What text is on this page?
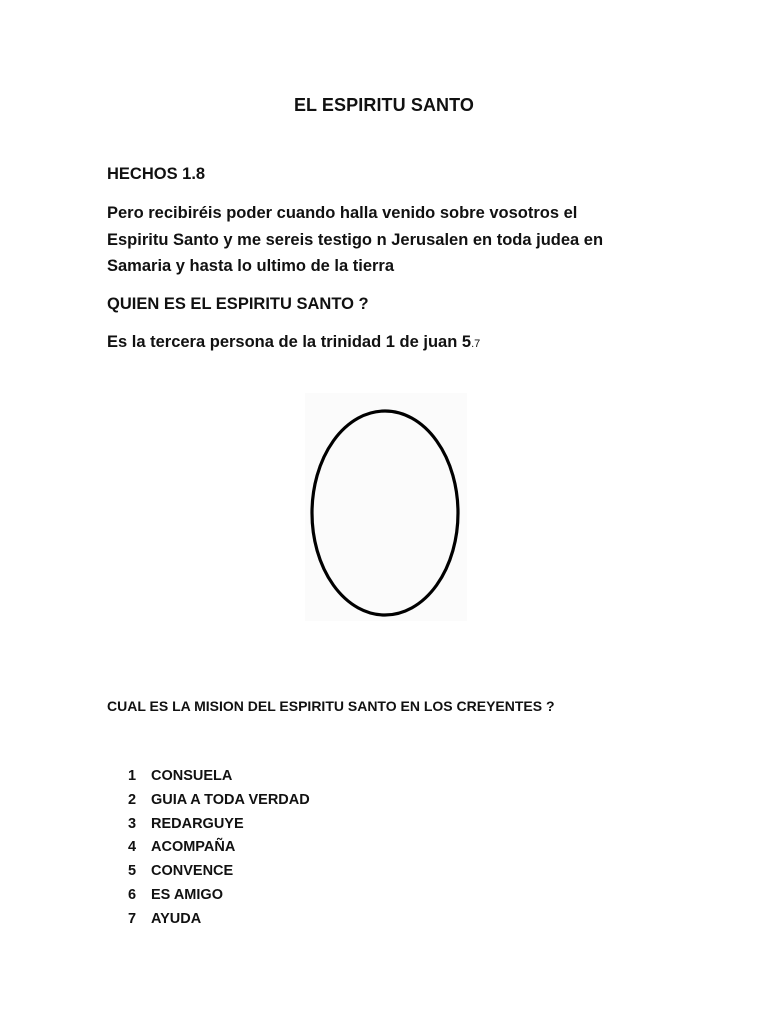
EL ESPIRITU SANTO
HECHOS 1.8
Pero recibiréis poder cuando halla venido sobre vosotros el
Espiritu Santo y me sereis testigo n Jerusalen en toda judea en
Samaria y hasta lo ultimo de la tierra
QUIEN ES EL ESPIRITU SANTO ?
Es la tercera persona de la trinidad 1 de juan 5.7
CUAL ES LA MISION DEL ESPIRITU SANTO EN LOS CREYENTES ?
1 CONSUELA
2 GUIA A TODA VERDAD
3 REDARGUYE
4 ACOMPAÑA
5 CONVENCE
6 ES AMIGO
7 AYUDA
